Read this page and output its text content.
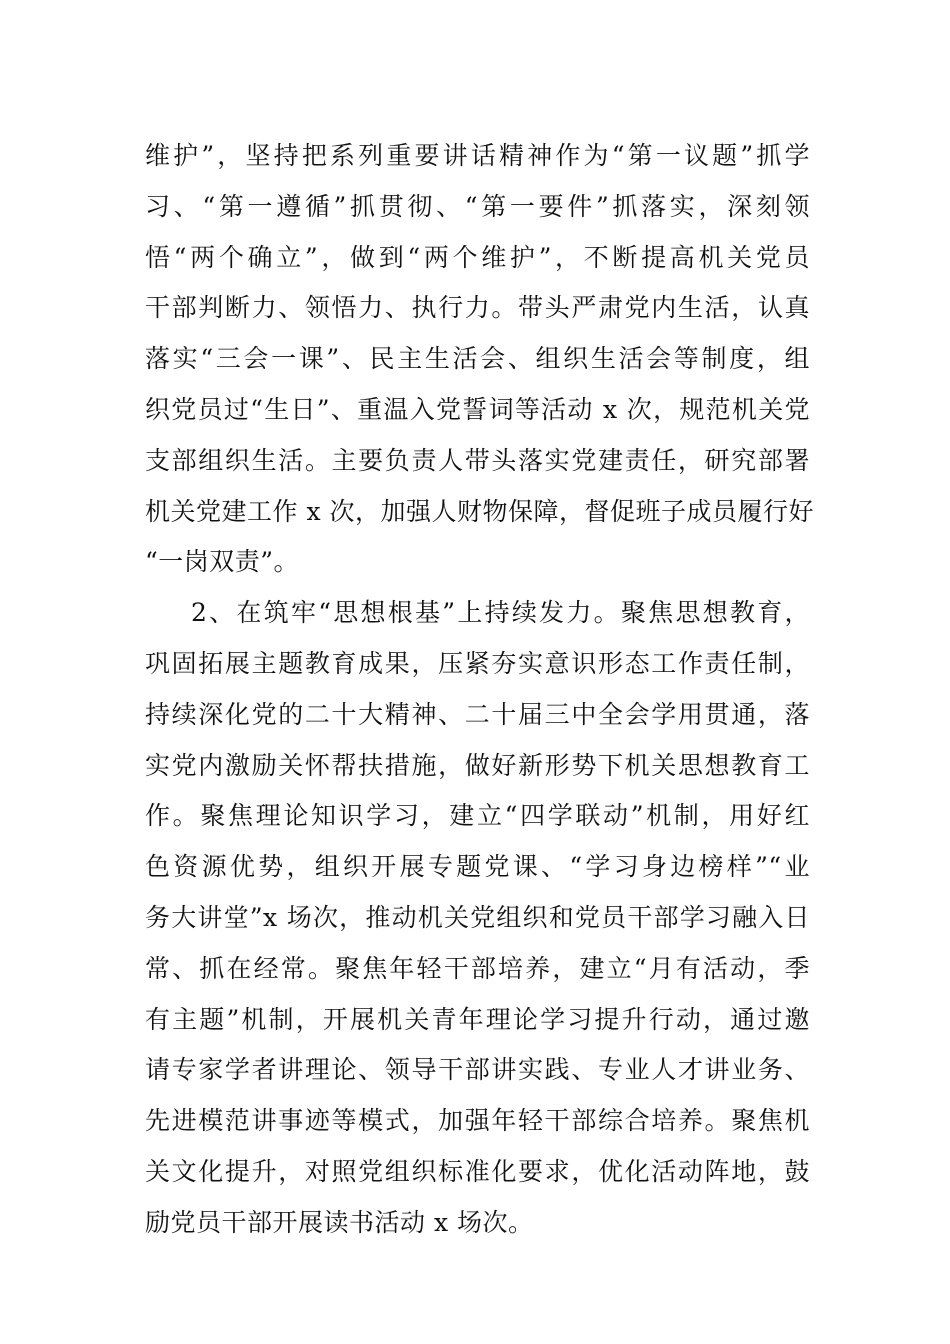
维护”，坚持把系列重要讲话精神作为“第一议题”抓学
习、“第一遵循”抓贯彻、“第一要件”抓落实，深刻领
悟“两个确立”，做到“两个维护”，不断提高机关党员
干部判断力、领悟力、执行力。带头严肃党内生活，认真
落实“三会一课”、民主生活会、组织生活会等制度，组
织党员过“生日”、重温入党誓词等活动 x 次，规范机关党
支部组织生活。主要负责人带头落实党建责任，研究部署
机关党建工作 x 次，加强人财物保障，督促班子成员履行好
“一岗双责”。
2、在筑牢“思想根基”上持续发力。聚焦思想教育，
巩固拓展主题教育成果，压紧夯实意识形态工作责任制，
持续深化党的二十大精神、二十届三中全会学用贯通，落
实党内激励关怀帮扶措施，做好新形势下机关思想教育工
作。聚焦理论知识学习，建立“四学联动”机制，用好红
色资源优势，组织开展专题党课、“学习身边榜样”“业
务大讲堂”x 场次，推动机关党组织和党员干部学习融入日
常、抓在经常。聚焦年轻干部培养，建立“月有活动，季
有主题”机制，开展机关青年理论学习提升行动，通过邀
请专家学者讲理论、领导干部讲实践、专业人才讲业务、
先进模范讲事迹等模式，加强年轻干部综合培养。聚焦机
关文化提升，对照党组织标准化要求，优化活动阵地，鼓
励党员干部开展读书活动 x 场次。
